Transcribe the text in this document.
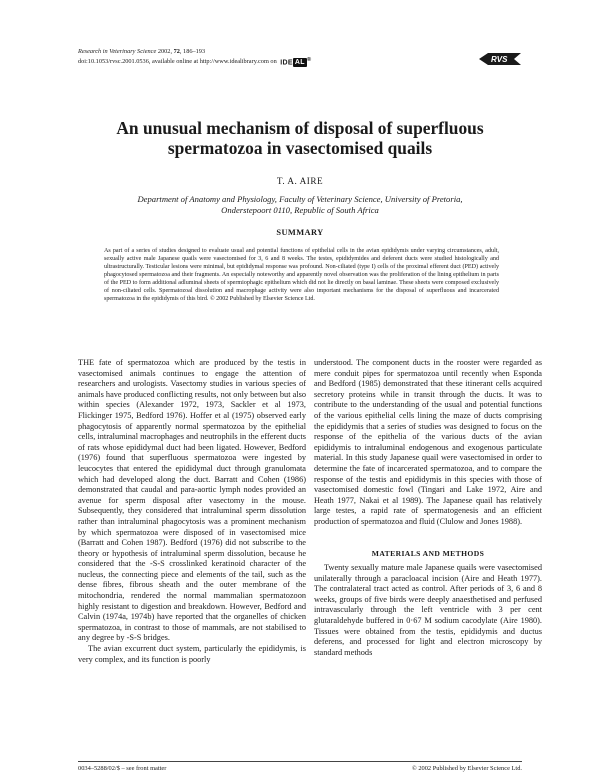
Research in Veterinary Science 2002, 72, 186–193
doi:10.1053/rvsc.2001.0536, available online at http://www.idealibrary.com on IDE AL ®	RVS
An unusual mechanism of disposal of superfluous
spermatozoa in vasectomised quails
T. A. AIRE
Department of Anatomy and Physiology, Faculty of Veterinary Science, University of Pretoria,
Onderstepoort 0110, Republic of South Africa
SUMMARY
As part of a series of studies designed to evaluate usual and potential functions of epithelial cells in the avian epididymis under varying circumstances, adult, sexually active male Japanese quails were vasectomised for 3, 6 and 8 weeks. The testes, epididymides and deferent ducts were studied histologically and ultrastructurally. Testicular lesions were minimal, but epididymal response was profound. Non-ciliated (type I) cells of the proximal efferent duct (PED) actively phagocytosed spermatozoa and their fragments. An especially noteworthy and apparently novel observation was the proliferation of the lining epithelium in parts of the PED to form additional adluminal sheets of spermiophagic epithelium which did not lie directly on basal laminae. These sheets were composed exclusively of non-ciliated cells. Spermatozoal dissolution and macrophage activity were also important mechanisms for the disposal of superfluous and incarcerated spermatozoa in the epididymis of this bird. © 2002 Published by Elsevier Science Ltd.

THE fate of spermatozoa which are produced by the testis in vasectomised animals continues to engage the attention of researchers and urologists. Vasectomy studies in various species of animals have produced conflicting results, not only between but also within species (Alexander 1972, 1973, Sackler et al 1973, Flickinger 1975, Bedford 1976). Hoffer et al (1975) observed early phagocytosis of apparently normal spermatozoa by the epithelial cells, intraluminal macrophages and neutrophils in the efferent ducts of rats whose epididymal duct had been ligated. However, Bedford (1976) found that superfluous spermatozoa were ingested by leucocytes that entered the epididymal duct through granulomata which had developed along the duct. Barratt and Cohen (1986) demonstrated that caudal and para-aortic lymph nodes provided an avenue for sperm disposal after vasectomy in the mouse. Subsequently, they considered that intraluminal sperm dissolution rather than intraluminal phagocytosis was a prominent mechanism by which spermatozoa were disposed of in vasectomised mice (Barratt and Cohen 1987). Bedford (1976) did not subscribe to the theory or hypothesis of intraluminal sperm dissolution, because he considered that the -S-S crosslinked keratinoid character of the nucleus, the connecting piece and elements of the tail, such as the dense fibres, fibrous sheath and the outer membrane of the mitochondria, rendered the normal mammalian spermatozoon highly resistant to digestion and breakdown. However, Bedford and Calvin (1974a, 1974b) have reported that the organelles of chicken spermatozoa, in contrast to those of mammals, are not stabilised to any degree by -S-S bridges.

The avian excurrent duct system, particularly the epididymis, is very complex, and its function is poorly

understood. The component ducts in the rooster were regarded as mere conduit pipes for spermatozoa until recently when Esponda and Bedford (1985) demonstrated that these itinerant cells acquired secretory proteins while in transit through the ducts. It was to contribute to the understanding of the usual and potential functions of the various epithelial cells lining the maze of ducts comprising the epididymis that a series of studies was designed to focus on the response of the epithelia of the various ducts of the avian epididymis to intraluminal endogenous and exogenous particulate material. In this study Japanese quail were vasectomised in order to determine the fate of incarcerated spermatozoa, and to compare the response of the testis and epididymis in this species with those of vasectomised domestic fowl (Tingari and Lake 1972, Aire and Heath 1977, Nakai et al 1989). The Japanese quail has relatively large testes, a rapid rate of spermatogenesis and an efficient production of spermatozoa and fluid (Clulow and Jones 1988).

MATERIALS AND METHODS

Twenty sexually mature male Japanese quails were vasectomised unilaterally through a paracloacal incision (Aire and Heath 1977). The contralateral tract acted as control. After periods of 3, 6 and 8 weeks, groups of five birds were deeply anaesthetised and perfused intravascularly through the left ventricle with 3 per cent glutaraldehyde buffered in 0·67 M sodium cacodylate (Aire 1980). Tissues were obtained from the testis, epididymis and ductus deferens, and processed for light and electron microscopy by standard methods

0034–5288/02/$ – see front matter	© 2002 Published by Elsevier Science Ltd.
